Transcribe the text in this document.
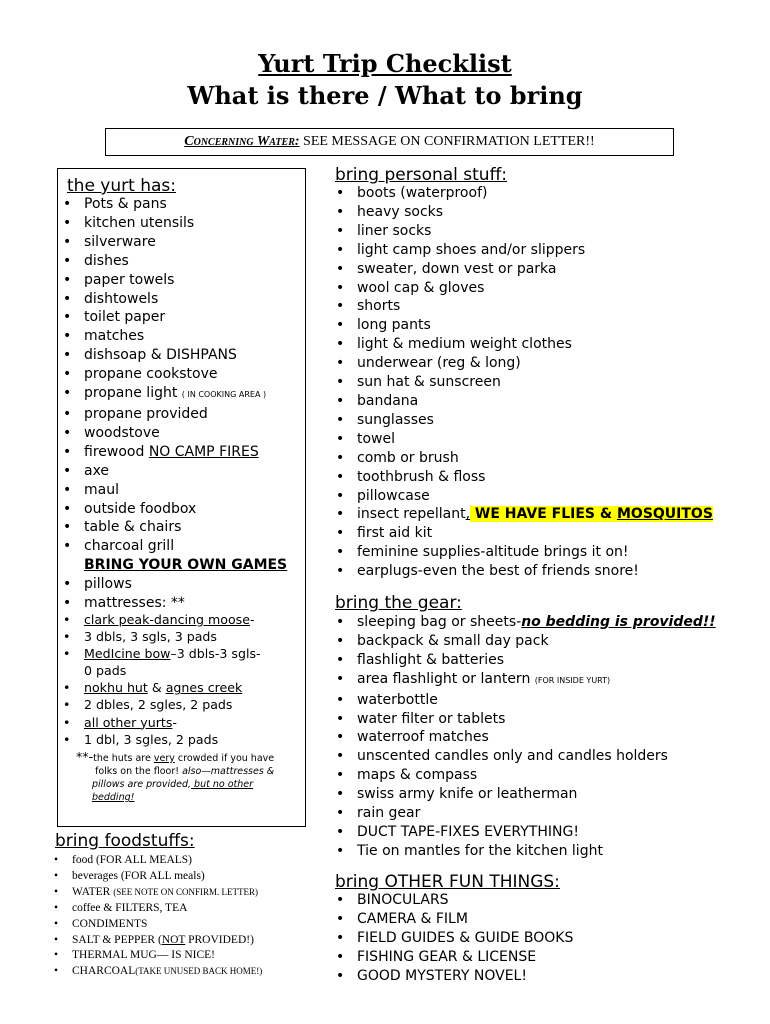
Yurt Trip Checklist
What is there / What to bring
Concerning Water: SEE MESSAGE ON CONFIRMATION LETTER!!
the yurt has:
• Pots & pans
• kitchen utensils
• silverware
• dishes
• paper towels
• dishtowels
• toilet paper
• matches
• dishsoap & DISHPANS
• propane cookstove
• propane light ( IN COOKING AREA )
• propane provided
• woodstove
• firewood NO CAMP FIRES
• axe
• maul
• outside foodbox
• table & chairs
• charcoal grill
BRING YOUR OWN GAMES
• pillows
• mattresses: **
• clark peak-dancing moose-
• 3 dbls, 3 sgls, 3 pads
• MedIcine bow–3 dbls-3 sgls-
0 pads
• nokhu hut & agnes creek
• 2 dbles, 2 sgles, 2 pads
• all other yurts-
• 1 dbl, 3 sgles, 2 pads
**-the huts are very crowded if you have
folks on the floor! also—mattresses &
pillows are provided, but no other
bedding!
bring foodstuffs:
• food (FOR ALL MEALS)
• beverages (FOR ALL meals)
• WATER (SEE NOTE ON CONFIRM. LETTER)
• coffee & FILTERS, TEA
• CONDIMENTS
• SALT & PEPPER (NOT PROVIDED!)
• THERMAL MUG— IS NICE!
• CHARCOAL(TAKE UNUSED BACK HOME!)
bring personal stuff:
• boots (waterproof)
• heavy socks
• liner socks
• light camp shoes and/or slippers
• sweater, down vest or parka
• wool cap & gloves
• shorts
• long pants
• light & medium weight clothes
• underwear (reg & long)
• sun hat & sunscreen
• bandana
• sunglasses
• towel
• comb or brush
• toothbrush & floss
• pillowcase
• insect repellant, WE HAVE FLIES & MOSQUITOS
• first aid kit
• feminine supplies-altitude brings it on!
• earplugs-even the best of friends snore!
bring the gear:
• sleeping bag or sheets-no bedding is provided!!
• backpack & small day pack
• flashlight & batteries
• area flashlight or lantern (FOR INSIDE YURT)
• waterbottle
• water filter or tablets
• waterroof matches
• unscented candles only and candles holders
• maps & compass
• swiss army knife or leatherman
• rain gear
• DUCT TAPE-FIXES EVERYTHING!
• Tie on mantles for the kitchen light
bring OTHER FUN THINGS:
• BINOCULARS
• CAMERA & FILM
• FIELD GUIDES & GUIDE BOOKS
• FISHING GEAR & LICENSE
• GOOD MYSTERY NOVEL!
